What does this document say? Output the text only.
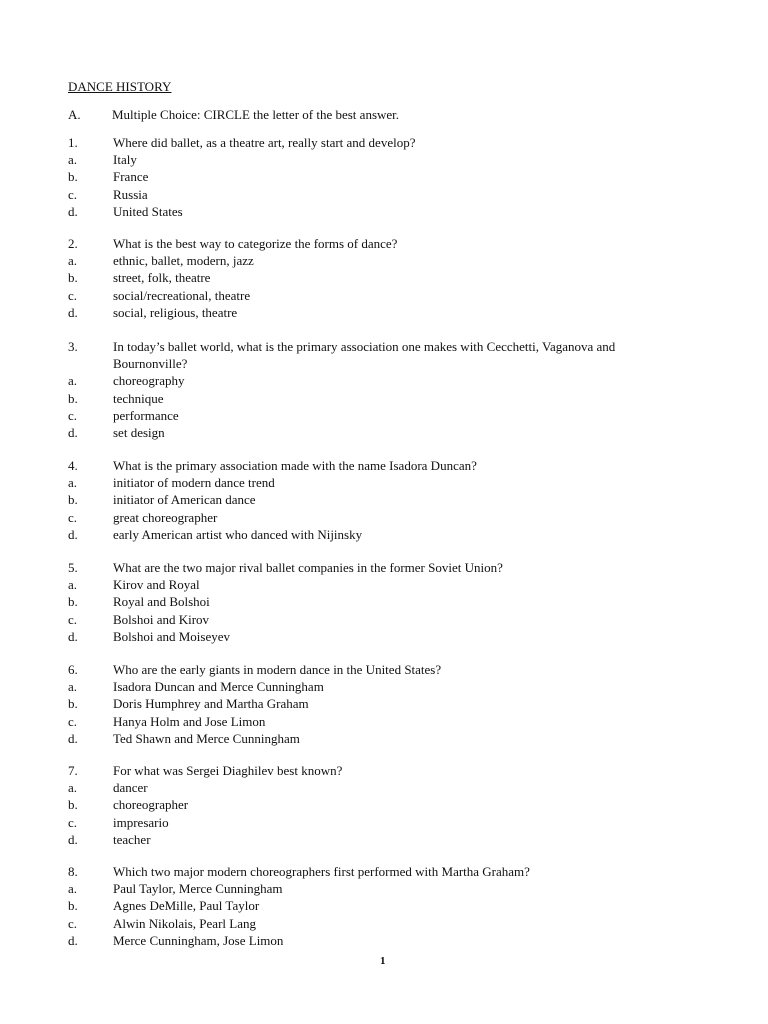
DANCE HISTORY
A. Multiple Choice: CIRCLE the letter of the best answer.
1.	Where did ballet, as a theatre art, really start and develop?
a.	Italy
b.	France
c.	Russia
d.	United States
2.	What is the best way to categorize the forms of dance?
a.	ethnic, ballet, modern, jazz
b.	street, folk, theatre
c.	social/recreational, theatre
d.	social, religious, theatre
3.	In today’s ballet world, what is the primary association one makes with Cecchetti, Vaganova and Bournonville?
a.	choreography
b.	technique
c.	performance
d.	set design
4.	What is the primary association made with the name Isadora Duncan?
a.	initiator of modern dance trend
b.	initiator of American dance
c.	great choreographer
d.	early American artist who danced with Nijinsky
5.	What are the two major rival ballet companies in the former Soviet Union?
a.	Kirov and Royal
b.	Royal and Bolshoi
c.	Bolshoi and Kirov
d.	Bolshoi and Moiseyev
6.	Who are the early giants in modern dance in the United States?
a.	Isadora Duncan and Merce Cunningham
b.	Doris Humphrey and Martha Graham
c.	Hanya Holm and Jose Limon
d.	Ted Shawn and Merce Cunningham
7.	For what was Sergei Diaghilev best known?
a.	dancer
b.	choreographer
c.	impresario
d.	teacher
8.	Which two major modern choreographers first performed with Martha Graham?
a.	Paul Taylor, Merce Cunningham
b.	Agnes DeMille, Paul Taylor
c.	Alwin Nikolais, Pearl Lang
d.	Merce Cunningham, Jose Limon
1
